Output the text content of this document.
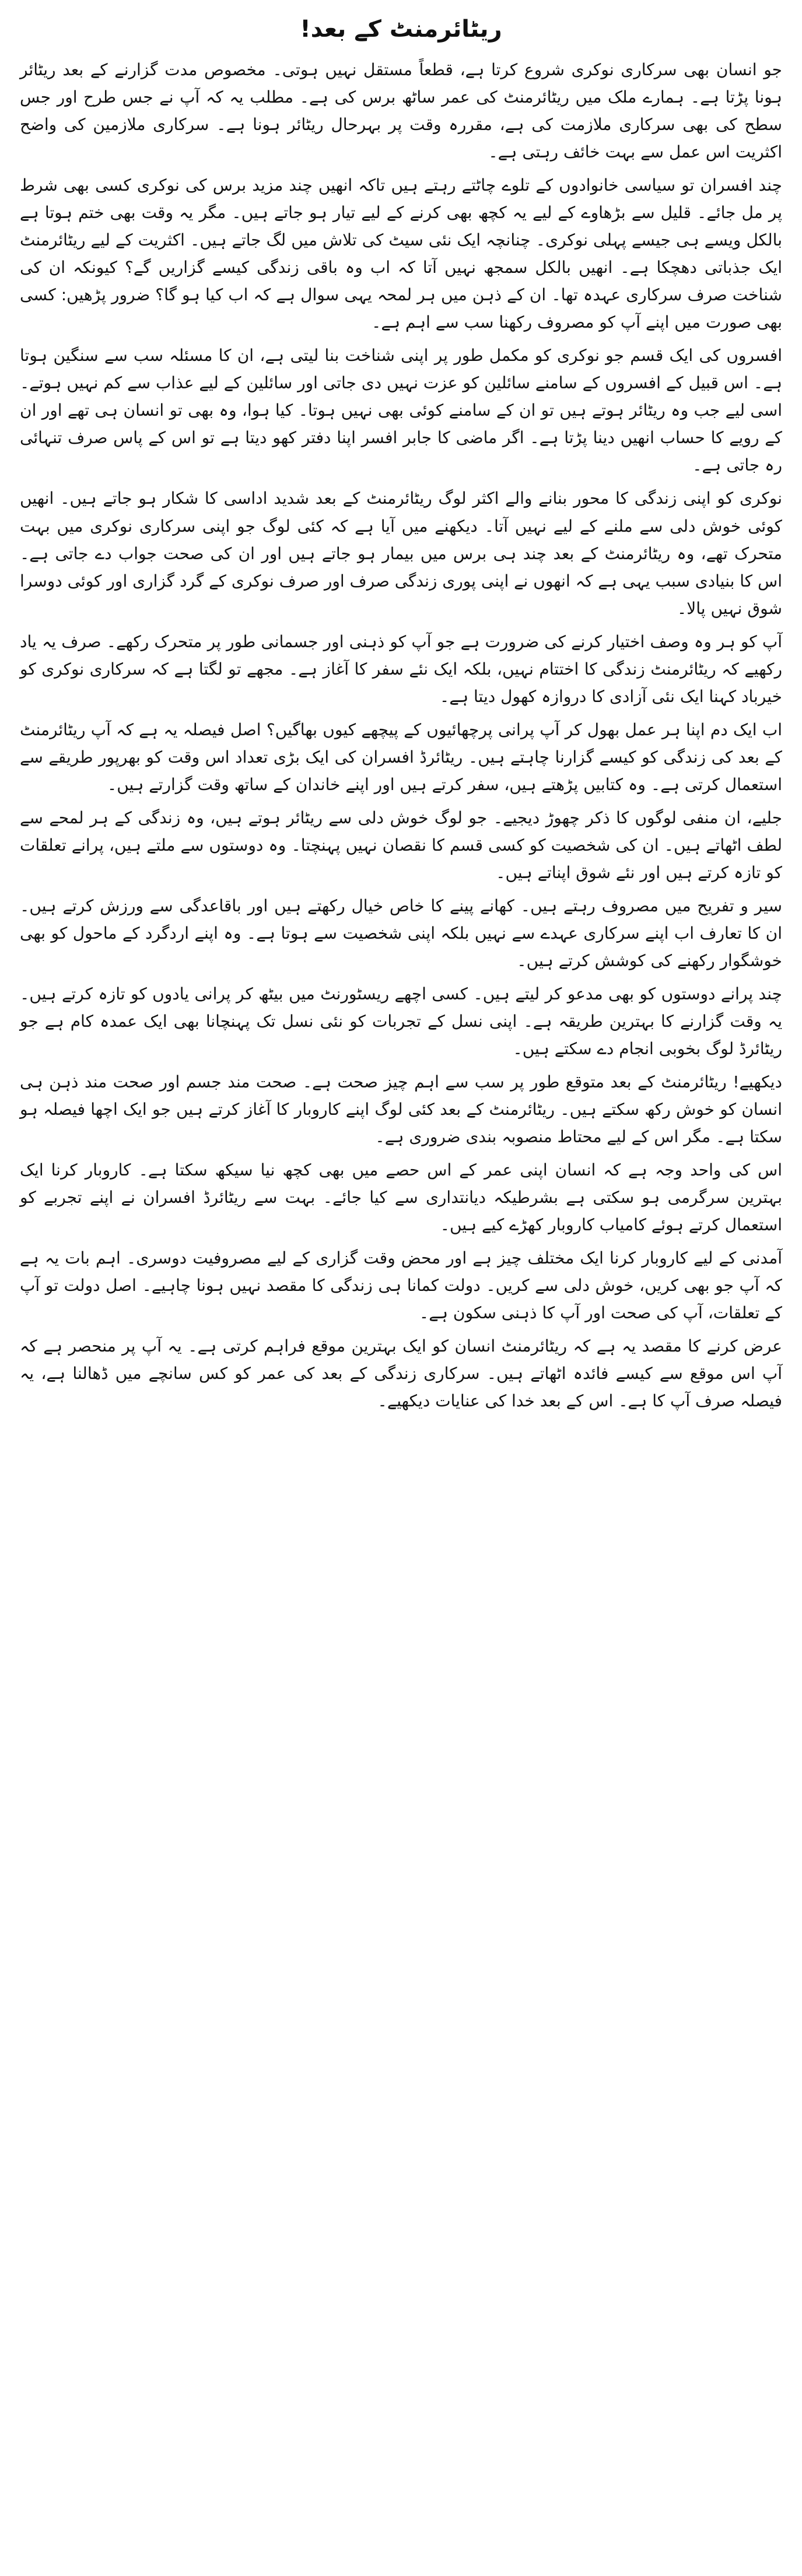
ریٹائرمنٹ کے بعد!

جو انسان بھی سرکاری نوکری شروع کرتا ہے، قطعاً مستقل نہیں ہوتی۔ مخصوص مدت گزارنے کے بعد ریٹائر ہونا پڑتا ہے۔ ہمارے ملک میں ریٹائرمنٹ کی عمر ساٹھ برس کی ہے۔ مطلب یہ کہ آپ نے جس طرح اور جس سطح کی بھی سرکاری ملازمت کی ہے، مقررہ وقت پر بہرحال ریٹائر ہونا ہے۔ سرکاری ملازمین کی واضح اکثریت اس عمل سے بہت خائف رہتی ہے۔

چند افسران تو سیاسی خانوادوں کے تلوے چاٹتے رہتے ہیں تاکہ انھیں چند مزید برس کی نوکری کسی بھی شرط پر مل جائے۔ قلیل سے بڑھاوے کے لیے یہ کچھ بھی کرنے کے لیے تیار ہو جاتے ہیں۔ مگر یہ وقت بھی ختم ہوتا ہے بالکل ویسے ہی جیسے پہلی نوکری۔ چنانچہ ایک نئی سیٹ کی تلاش میں لگ جاتے ہیں۔ اکثریت کے لیے ریٹائرمنٹ ایک جذباتی دھچکا ہے۔ انھیں بالکل سمجھ نہیں آتا کہ اب وہ باقی زندگی کیسے گزاریں گے؟ کیونکہ ان کی شناخت صرف سرکاری عہدہ تھا۔ ان کے ذہن میں ہر لمحہ یہی سوال ہے کہ اب کیا ہو گا؟ ضرور پڑھیں: کسی بھی صورت میں اپنے آپ کو مصروف رکھنا سب سے اہم ہے۔

افسروں کی ایک قسم جو نوکری کو مکمل طور پر اپنی شناخت بنا لیتی ہے، ان کا مسئلہ سب سے سنگین ہوتا ہے۔ اس قبیل کے افسروں کے سامنے سائلین کو عزت نہیں دی جاتی اور سائلین کے لیے عذاب سے کم نہیں ہوتے۔ اسی لیے جب وہ ریٹائر ہوتے ہیں تو ان کے سامنے کوئی بھی نہیں ہوتا۔ کیا ہوا، وہ بھی تو انسان ہی تھے اور ان کے رویے کا حساب انھیں دینا پڑتا ہے۔ اگر ماضی کا جابر افسر اپنا دفتر کھو دیتا ہے تو اس کے پاس صرف تنہائی رہ جاتی ہے۔

نوکری کو اپنی زندگی کا محور بنانے والے اکثر لوگ ریٹائرمنٹ کے بعد شدید اداسی کا شکار ہو جاتے ہیں۔ انھیں کوئی خوش دلی سے ملنے کے لیے نہیں آتا۔ دیکھنے میں آیا ہے کہ کئی لوگ جو اپنی سرکاری نوکری میں بہت متحرک تھے، وہ ریٹائرمنٹ کے بعد چند ہی برس میں بیمار ہو جاتے ہیں اور ان کی صحت جواب دے جاتی ہے۔ اس کا بنیادی سبب یہی ہے کہ انھوں نے اپنی پوری زندگی صرف اور صرف نوکری کے گرد گزاری اور کوئی دوسرا شوق نہیں پالا۔

آپ کو ہر وہ وصف اختیار کرنے کی ضرورت ہے جو آپ کو ذہنی اور جسمانی طور پر متحرک رکھے۔ صرف یہ یاد رکھیے کہ ریٹائرمنٹ زندگی کا اختتام نہیں، بلکہ ایک نئے سفر کا آغاز ہے۔ مجھے تو لگتا ہے کہ سرکاری نوکری کو خیرباد کہنا ایک نئی آزادی کا دروازہ کھول دیتا ہے۔

اب ایک دم اپنا ہر عمل بھول کر آپ پرانی پرچھائیوں کے پیچھے کیوں بھاگیں؟ اصل فیصلہ یہ ہے کہ آپ ریٹائرمنٹ کے بعد کی زندگی کو کیسے گزارنا چاہتے ہیں۔ ریٹائرڈ افسران کی ایک بڑی تعداد اس وقت کو بھرپور طریقے سے استعمال کرتی ہے۔ وہ کتابیں پڑھتے ہیں، سفر کرتے ہیں اور اپنے خاندان کے ساتھ وقت گزارتے ہیں۔

جلیے، ان منفی لوگوں کا ذکر چھوڑ دیجیے۔ جو لوگ خوش دلی سے ریٹائر ہوتے ہیں، وہ زندگی کے ہر لمحے سے لطف اٹھاتے ہیں۔ ان کی شخصیت کو کسی قسم کا نقصان نہیں پہنچتا۔ وہ دوستوں سے ملتے ہیں، پرانے تعلقات کو تازہ کرتے ہیں اور نئے شوق اپناتے ہیں۔

سیر و تفریح میں مصروف رہتے ہیں۔ کھانے پینے کا خاص خیال رکھتے ہیں اور باقاعدگی سے ورزش کرتے ہیں۔ ان کا تعارف اب اپنے سرکاری عہدے سے نہیں بلکہ اپنی شخصیت سے ہوتا ہے۔ وہ اپنے اردگرد کے ماحول کو بھی خوشگوار رکھنے کی کوشش کرتے ہیں۔

چند پرانے دوستوں کو بھی مدعو کر لیتے ہیں۔ کسی اچھے ریسٹورنٹ میں بیٹھ کر پرانی یادوں کو تازہ کرتے ہیں۔ یہ وقت گزارنے کا بہترین طریقہ ہے۔ اپنی نسل کے تجربات کو نئی نسل تک پہنچانا بھی ایک عمدہ کام ہے جو ریٹائرڈ لوگ بخوبی انجام دے سکتے ہیں۔

دیکھیے! ریٹائرمنٹ کے بعد متوقع طور پر سب سے اہم چیز صحت ہے۔ صحت مند جسم اور صحت مند ذہن ہی انسان کو خوش رکھ سکتے ہیں۔ ریٹائرمنٹ کے بعد کئی لوگ اپنے کاروبار کا آغاز کرتے ہیں جو ایک اچھا فیصلہ ہو سکتا ہے۔ مگر اس کے لیے محتاط منصوبہ بندی ضروری ہے۔

اس کی واحد وجہ ہے کہ انسان اپنی عمر کے اس حصے میں بھی کچھ نیا سیکھ سکتا ہے۔ کاروبار کرنا ایک بہترین سرگرمی ہو سکتی ہے بشرطیکہ دیانتداری سے کیا جائے۔ بہت سے ریٹائرڈ افسران نے اپنے تجربے کو استعمال کرتے ہوئے کامیاب کاروبار کھڑے کیے ہیں۔

آمدنی کے لیے کاروبار کرنا ایک مختلف چیز ہے اور محض وقت گزاری کے لیے مصروفیت دوسری۔ اہم بات یہ ہے کہ آپ جو بھی کریں، خوش دلی سے کریں۔ دولت کمانا ہی زندگی کا مقصد نہیں ہونا چاہیے۔ اصل دولت تو آپ کے تعلقات، آپ کی صحت اور آپ کا ذہنی سکون ہے۔

عرض کرنے کا مقصد یہ ہے کہ ریٹائرمنٹ انسان کو ایک بہترین موقع فراہم کرتی ہے۔ یہ آپ پر منحصر ہے کہ آپ اس موقع سے کیسے فائدہ اٹھاتے ہیں۔ سرکاری زندگی کے بعد کی عمر کو کس سانچے میں ڈھالنا ہے، یہ فیصلہ صرف آپ کا ہے۔ اس کے بعد خدا کی عنایات دیکھیے۔
